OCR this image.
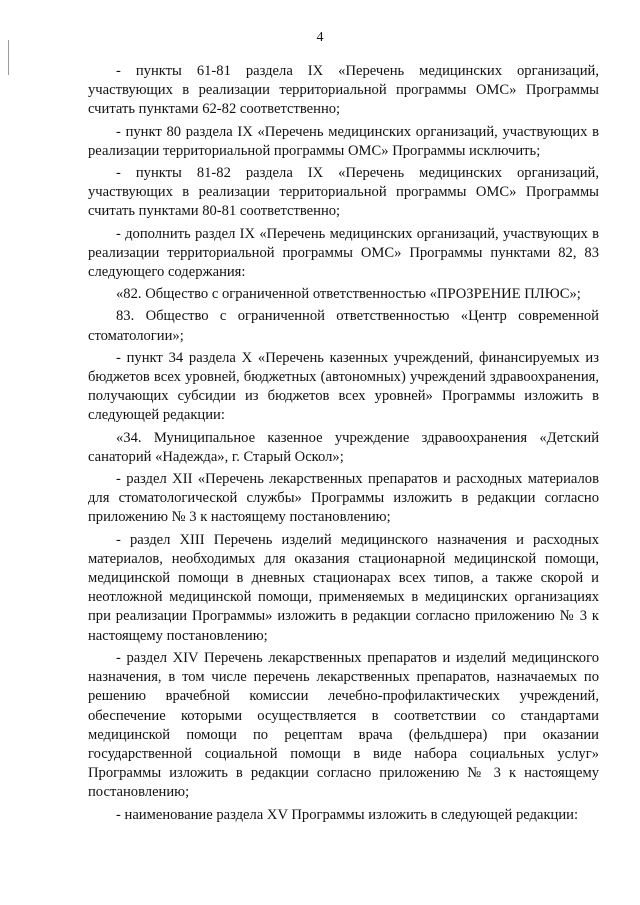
4

- пункты 61-81 раздела IX «Перечень медицинских организаций, участвующих в реализации территориальной программы ОМС» Программы считать пунктами 62-82 соответственно;

- пункт 80 раздела IX «Перечень медицинских организаций, участвующих в реализации территориальной программы ОМС» Программы исключить;

- пункты 81-82 раздела IX «Перечень медицинских организаций, участвующих в реализации территориальной программы ОМС» Программы считать пунктами 80-81 соответственно;

- дополнить раздел IX «Перечень медицинских организаций, участвующих в реализации территориальной программы ОМС» Программы пунктами 82, 83 следующего содержания:

«82. Общество с ограниченной ответственностью «ПРОЗРЕНИЕ ПЛЮС»;

83. Общество с ограниченной ответственностью «Центр современной стоматологии»;

- пункт 34 раздела X «Перечень казенных учреждений, финансируемых из бюджетов всех уровней, бюджетных (автономных) учреждений здравоохранения, получающих субсидии из бюджетов всех уровней» Программы изложить в следующей редакции:

«34. Муниципальное казенное учреждение здравоохранения «Детский санаторий «Надежда», г. Старый Оскол»;

- раздел XII «Перечень лекарственных препаратов и расходных материалов для стоматологической службы» Программы изложить в редакции согласно приложению № 3 к настоящему постановлению;

- раздел XIII Перечень изделий медицинского назначения и расходных материалов, необходимых для оказания стационарной медицинской помощи, медицинской помощи в дневных стационарах всех типов, а также скорой и неотложной медицинской помощи, применяемых в медицинских организациях при реализации Программы» изложить в редакции согласно приложению № 3 к настоящему постановлению;

- раздел XIV Перечень лекарственных препаратов и изделий медицинского назначения, в том числе перечень лекарственных препаратов, назначаемых по решению врачебной комиссии лечебно-профилактических учреждений, обеспечение которыми осуществляется в соответствии со стандартами медицинской помощи по рецептам врача (фельдшера) при оказании государственной социальной помощи в виде набора социальных услуг» Программы изложить в редакции согласно приложению № 3 к настоящему постановлению;

- наименование раздела XV Программы изложить в следующей редакции:
